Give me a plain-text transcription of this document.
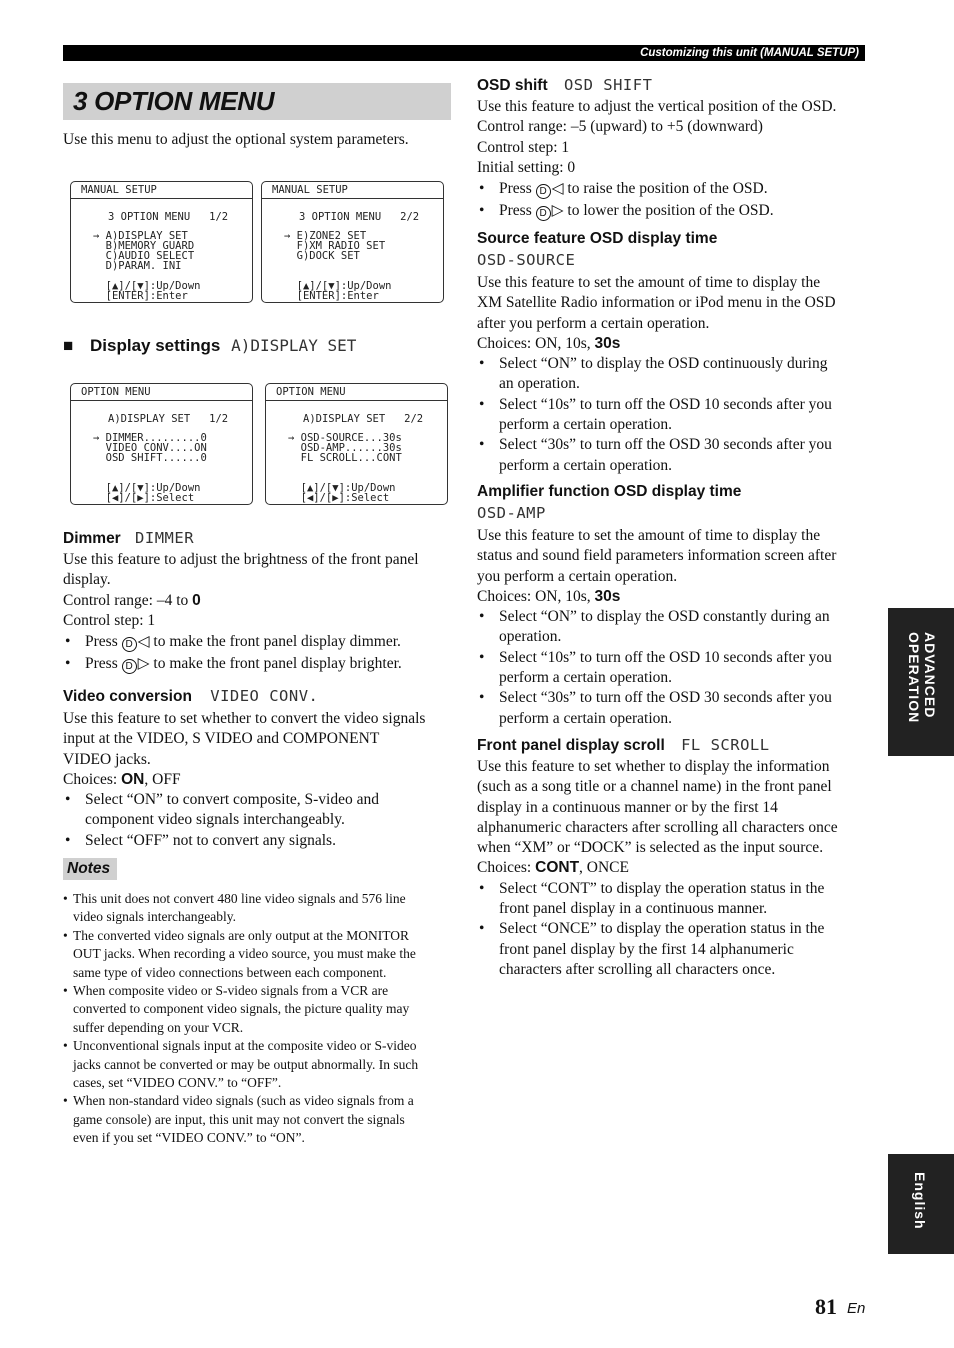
Customizing this unit (MANUAL SETUP)
3 OPTION MENU
Use this menu to adjust the optional system parameters.
MANUAL SETUP
3 OPTION MENU   1/2
→ A)DISPLAY SET
B)MEMORY GUARD
C)AUDIO SELECT
D)PARAM. INI
[▲]/[▼]:Up/Down
[ENTER]:Enter
MANUAL SETUP
3 OPTION MENU   2/2
→ E)ZONE2 SET
F)XM RADIO SET
G)DOCK SET
[▲]/[▼]:Up/Down
[ENTER]:Enter
■ Display settings A)DISPLAY SET
OPTION MENU
A)DISPLAY SET   1/2
→ DIMMER.........0
VIDEO CONV....ON
OSD SHIFT......0
[▲]/[▼]:Up/Down
[◀]/[▶]:Select
OPTION MENU
A)DISPLAY SET   2/2
→ OSD-SOURCE...30s
OSD-AMP......30s
FL SCROLL...CONT
[▲]/[▼]:Up/Down
[◀]/[▶]:Select
Dimmer DIMMER

Use this feature to adjust the brightness of the front panel

display.

Control range: –4 to 0

Control step: 1

• Press D ◁ to make the front panel display dimmer.
• Press D ▷ to make the front panel display brighter.
Video conversion VIDEO CONV.

Use this feature to set whether to convert the video signals

input at the VIDEO, S VIDEO and COMPONENT

VIDEO jacks.

Choices: ON, OFF

• Select “ON” to convert composite, S-video and
component video signals interchangeably.
• Select “OFF” not to convert any signals.
Notes
• This unit does not convert 480 line video signals and 576 line
video signals interchangeably.
• The converted video signals are only output at the MONITOR
OUT jacks. When recording a video source, you must make the
same type of video connections between each component.
• When composite video or S-video signals from a VCR are
converted to component video signals, the picture quality may
suffer depending on your VCR.
• Unconventional signals input at the composite video or S-video
jacks cannot be converted or may be output abnormally. In such
cases, set “VIDEO CONV.” to “OFF”.
• When non-standard video signals (such as video signals from a
game console) are input, this unit may not convert the signals
even if you set “VIDEO CONV.” to “ON”.
OSD shift OSD SHIFT

Use this feature to adjust the vertical position of the OSD.

Control range: –5 (upward) to +5 (downward)

Control step: 1

Initial setting: 0

• Press D ◁ to raise the position of the OSD.
• Press D ▷ to lower the position of the OSD.
Source feature OSD display time
OSD-SOURCE

Use this feature to set the amount of time to display the

XM Satellite Radio information or iPod menu in the OSD

after you perform a certain operation.

Choices: ON, 10s, 30s

• Select “ON” to display the OSD continuously during
an operation.
• Select “10s” to turn off the OSD 10 seconds after you
perform a certain operation.
• Select “30s” to turn off the OSD 30 seconds after you
perform a certain operation.
Amplifier function OSD display time
OSD-AMP

Use this feature to set the amount of time to display the

status and sound field parameters information screen after

you perform a certain operation.

Choices: ON, 10s, 30s

• Select “ON” to display the OSD constantly during an
operation.
• Select “10s” to turn off the OSD 10 seconds after you
perform a certain operation.
• Select “30s” to turn off the OSD 30 seconds after you
perform a certain operation.
Front panel display scroll FL SCROLL

Use this feature to set whether to display the information

(such as a song title or a channel name) in the front panel

display in a continuous manner or by the first 14

alphanumeric characters after scrolling all characters once

when “XM” or “DOCK” is selected as the input source.

Choices: CONT, ONCE

• Select “CONT” to display the operation status in the
front panel display in a continuous manner.
• Select “ONCE” to display the operation status in the
front panel display by the first 14 alphanumeric
characters after scrolling all characters once.
ADVANCED OPERATION
English
81 En
